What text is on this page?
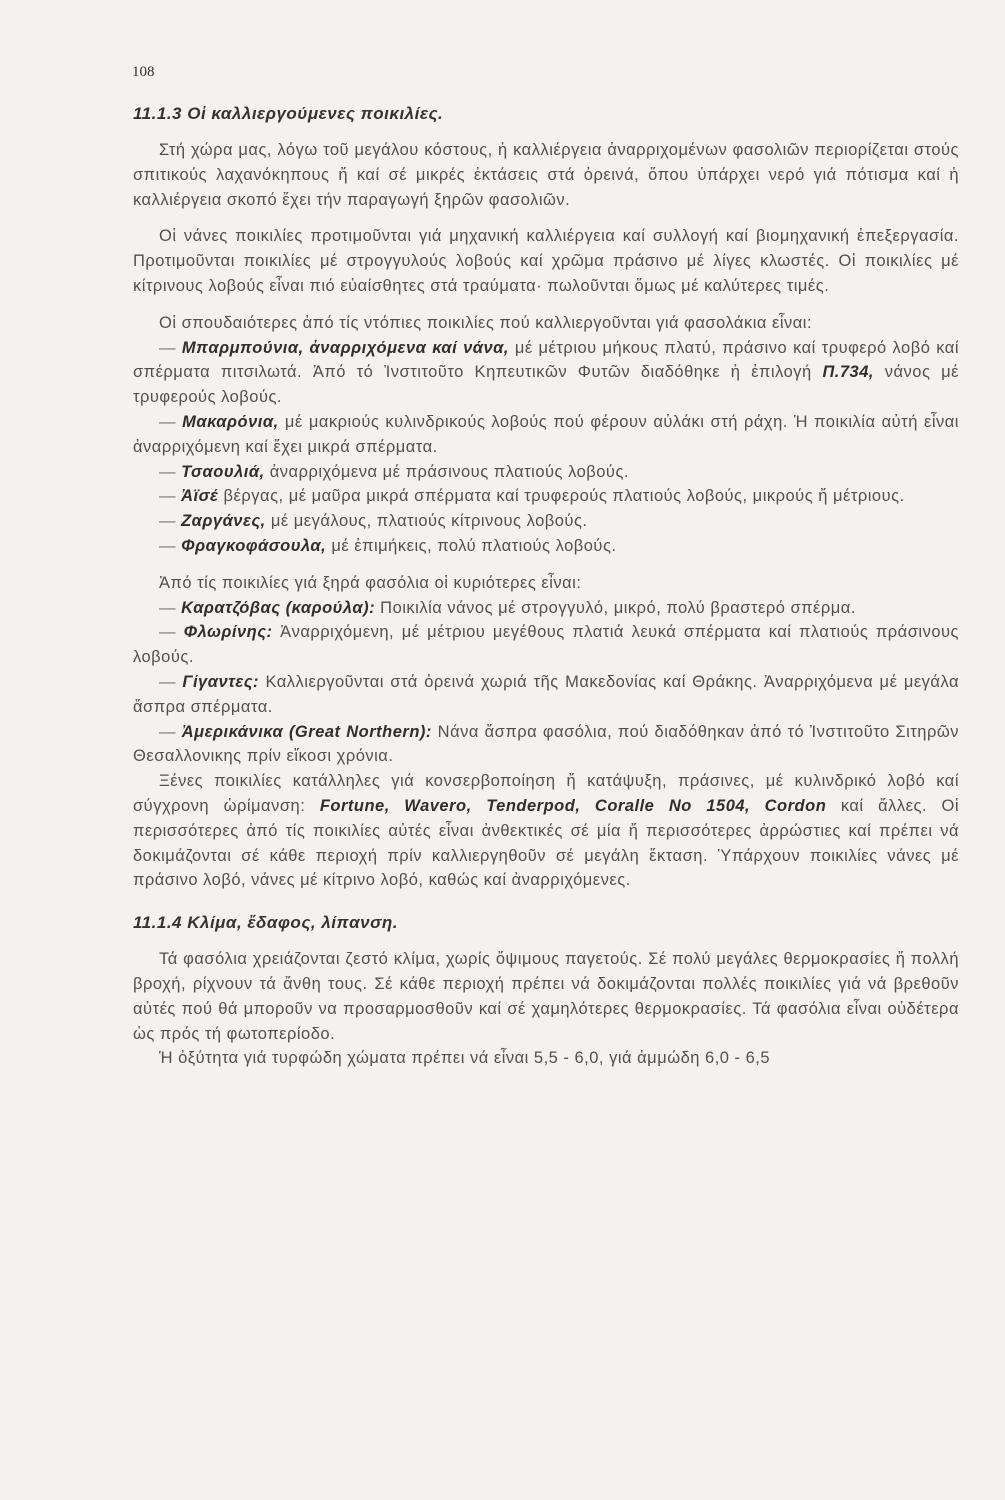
108
11.1.3 Οἱ καλλιεργούμενες ποικιλίες.

Στή χώρα μας, λόγω τοῦ μεγάλου κόστους, ἡ καλλιέργεια ἀναρριχομένων φασολιῶν περιορίζεται στούς σπιτικούς λαχανόκηπους ἤ καί σέ μικρές ἐκτάσεις στά ὀρεινά, ὅπου ὑπάρχει νερό γιά πότισμα καί ἡ καλλιέργεια σκοπό ἔχει τήν παραγωγή ξηρῶν φασολιῶν.

Οἱ νάνες ποικιλίες προτιμοῦνται γιά μηχανική καλλιέργεια καί συλλογή καί βιομηχανική ἐπεξεργασία. Προτιμοῦνται ποικιλίες μέ στρογγυλούς λοβούς καί χρῶμα πράσινο μέ λίγες κλωστές. Οἱ ποικιλίες μέ κίτρινους λοβούς εἶναι πιό εὐαίσθητες στά τραύματα· πωλοῦνται ὅμως μέ καλύτερες τιμές.

Οἱ σπουδαιότερες ἀπό τίς ντόπιες ποικιλίες πού καλλιεργοῦνται γιά φασολάκια εἶναι:

— Μπαρμπούνια, ἀναρριχόμενα καί νάνα, μέ μέτριου μήκους πλατύ, πράσινο καί τρυφερό λοβό καί σπέρματα πιτσιλωτά. Ἀπό τό Ἰνστιτοῦτο Κηπευτικῶν Φυτῶν διαδόθηκε ἡ ἐπιλογή Π.734, νάνος μέ τρυφερούς λοβούς.

— Μακαρόνια, μέ μακριούς κυλινδρικούς λοβούς πού φέρουν αὐλάκι στή ράχη. Ἡ ποικιλία αὐτή εἶναι ἀναρριχόμενη καί ἔχει μικρά σπέρματα.

— Τσαουλιά, ἀναρριχόμενα μέ πράσινους πλατιούς λοβούς.

— Ἀϊσέ βέργας, μέ μαῦρα μικρά σπέρματα καί τρυφερούς πλατιούς λοβούς, μικρούς ἤ μέτριους.

— Ζαργάνες, μέ μεγάλους, πλατιούς κίτρινους λοβούς.

— Φραγκοφάσουλα, μέ ἐπιμήκεις, πολύ πλατιούς λοβούς.

Ἀπό τίς ποικιλίες γιά ξηρά φασόλια οἱ κυριότερες εἶναι:

— Καρατζόβας (καρούλα): Ποικιλία νάνος μέ στρογγυλό, μικρό, πολύ βραστερό σπέρμα.

— Φλωρίνης: Ἀναρριχόμενη, μέ μέτριου μεγέθους πλατιά λευκά σπέρματα καί πλατιούς πράσινους λοβούς.

— Γίγαντες: Καλλιεργοῦνται στά ὀρεινά χωριά τῆς Μακεδονίας καί Θράκης. Ἀναρριχόμενα μέ μεγάλα ἄσπρα σπέρματα.

— Ἀμερικάνικα (Great Northern): Νάνα ἄσπρα φασόλια, πού διαδόθηκαν ἀπό τό Ἰνστιτοῦτο Σιτηρῶν Θεσαλλονικης πρίν εἴκοσι χρόνια.

Ξένες ποικιλίες κατάλληλες γιά κονσερβοποίηση ἤ κατάψυξη, πράσινες, μέ κυλινδρικό λοβό καί σύγχρονη ὡρίμανση: Fortune, Wavero, Tenderpod, Coralle No 1504, Cordon καί ἄλλες. Οἱ περισσότερες ἀπό τίς ποικιλίες αὐτές εἶναι ἀνθεκτικές σέ μία ἤ περισσότερες ἀρρώστιες καί πρέπει νά δοκιμάζονται σέ κάθε περιοχή πρίν καλλιεργηθοῦν σέ μεγάλη ἔκταση. Ὑπάρχουν ποικιλίες νάνες μέ πράσινο λοβό, νάνες μέ κίτρινο λοβό, καθώς καί ἀναρριχόμενες.

11.1.4 Κλίμα, ἔδαφος, λίπανση.

Τά φασόλια χρειάζονται ζεστό κλίμα, χωρίς ὄψιμους παγετούς. Σέ πολύ μεγάλες θερμοκρασίες ἤ πολλή βροχή, ρίχνουν τά ἄνθη τους. Σέ κάθε περιοχή πρέπει νά δοκιμάζονται πολλές ποικιλίες γιά νά βρεθοῦν αὐτές πού θά μποροῦν να προσαρμοσθοῦν καί σέ χαμηλότερες θερμοκρασίες. Τά φασόλια εἶναι οὐδέτερα ὡς πρός τή φωτοπερίοδο.

Ἡ ὀξύτητα γιά τυρφώδη χώματα πρέπει νά εἶναι 5,5 - 6,0, γιά ἀμμώδη 6,0 - 6,5
